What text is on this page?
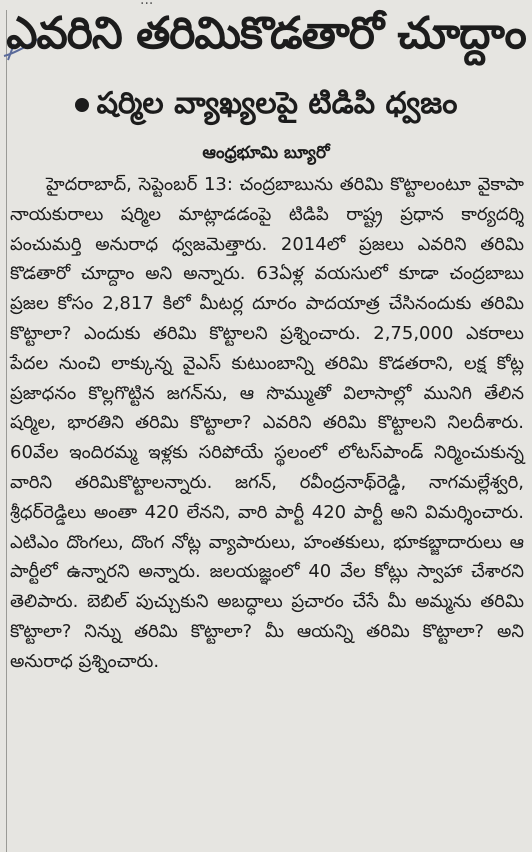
...
ఎవరిని తరిమికొడతారో చూద్దాం
షర్మిల వ్యాఖ్యలపై టిడిపి ధ్వజం
ఆంధ్రభూమి బ్యూరో

హైదరాబాద్, సెప్టెంబర్ 13: చంద్రబాబును తరిమి కొట్టాలంటూ వైకాపా నాయకురాలు షర్మిల మాట్లాడడంపై టిడిపి రాష్ట్ర ప్రధాన కార్యదర్శి పంచుమర్తి అనురాధ ధ్వజమెత్తారు. 2014లో ప్రజలు ఎవరిని తరిమి కొడతారో చూద్దాం అని అన్నారు. 63ఏళ్ల వయసులో కూడా చంద్రబాబు ప్రజల కోసం 2,817 కిలో మీటర్ల దూరం పాదయాత్ర చేసినందుకు తరిమి కొట్టాలా? ఎందుకు తరిమి కొట్టాలని ప్రశ్నించారు. 2,75,000 ఎకరాలు పేదల నుంచి లాక్కున్న వైఎస్ కుటుంబాన్ని తరిమి కొడతరాని, లక్ష కోట్ల ప్రజాధనం కొల్లగొట్టిన జగన్‌ను, ఆ సొమ్ముతో విలాసాల్లో మునిగి తేలిన షర్మిల, భారతిని తరిమి కొట్టాలా? ఎవరిని తరిమి కొట్టాలని నిలదీశారు. 60వేల ఇందిరమ్మ ఇళ్లకు సరిపోయే స్థలంలో లోటస్‌పాండ్ నిర్మించుకున్న వారిని తరిమికొట్టాలన్నారు. జగన్, రవీంద్రనాథ్‌రెడ్డి, నాగమల్లేశ్వరి, శ్రీధర్‌రెడ్డిలు అంతా 420 లేనని, వారి పార్టీ 420 పార్టీ అని విమర్శించారు. ఎటిఎం దొంగలు, దొంగ నోట్ల వ్యాపారులు, హంతకులు, భూకబ్జాదారులు ఆ పార్టీలో ఉన్నారని అన్నారు. జలయజ్ఞంలో 40 వేల కోట్లు స్వాహా చేశారని తెలిపారు. బెబిల్ పుచ్చుకుని అబద్ధాలు ప్రచారం చేసే మీ అమ్మను తరిమి కొట్టాలా? నిన్ను తరిమి కొట్టాలా? మీ ఆయన్ని తరిమి కొట్టాలా? అని అనురాధ ప్రశ్నించారు.
